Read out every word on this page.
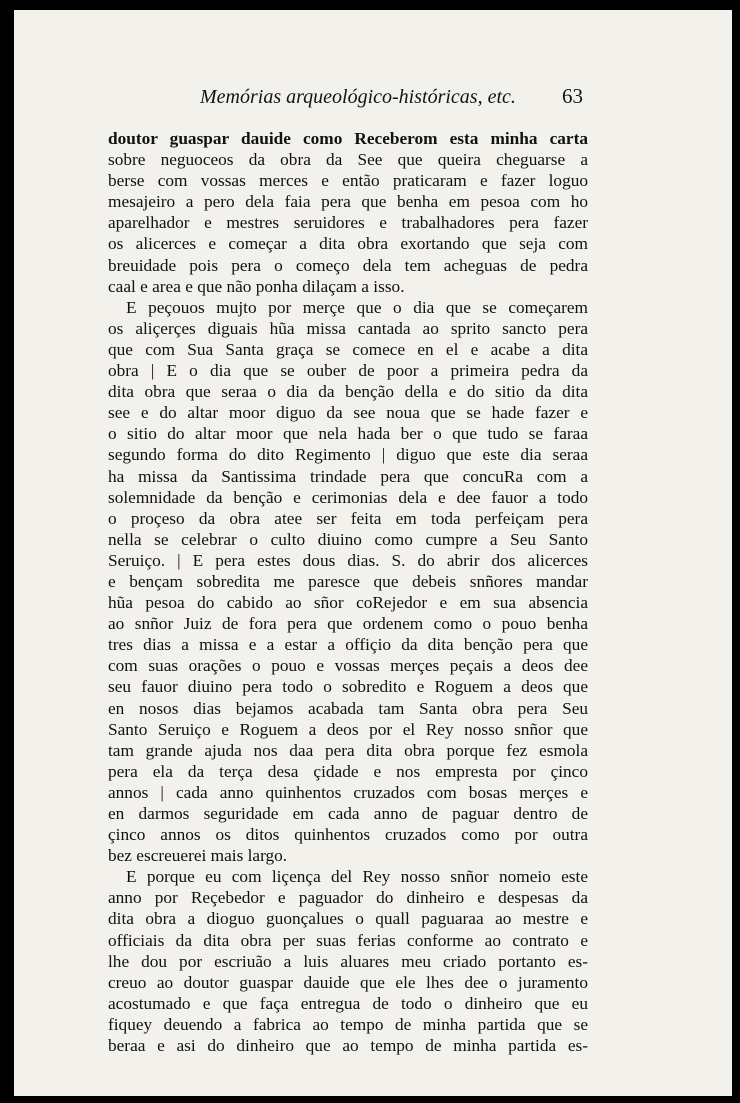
Memórias arqueológico-históricas, etc. 63
doutor guaspar dauide como Receberom esta minha carta
sobre neguoceos da obra da See que queira cheguarse a
berse com vossas merces e então praticaram e fazer loguo
mesajeiro a pero dela faia pera que benha em pesoa com ho
aparelhador e mestres seruidores e trabalhadores pera fazer
os alicerces e começar a dita obra exortando que seja com
breuidade pois pera o começo dela tem acheguas de pedra
caal e area e que não ponha dilaçam a isso.
E peçouos mujto por merçe que o dia que se começarem
os aliçerçes diguais hũa missa cantada ao sprito sancto pera
que com Sua Santa graça se comece en el e acabe a dita
obra | E o dia que se ouber de poor a primeira pedra da
dita obra que seraa o dia da benção della e do sitio da dita
see e do altar moor diguo da see noua que se hade fazer e
o sitio do altar moor que nela hada ber o que tudo se faraa
segundo forma do dito Regimento | diguo que este dia seraa
ha missa da Santissima trindade pera que concuRa com a
solemnidade da benção e cerimonias dela e dee fauor a todo
o proçeso da obra atee ser feita em toda perfeiçam pera
nella se celebrar o culto diuino como cumpre a Seu Santo
Seruiço. | E pera estes dous dias. S. do abrir dos alicerces
e bençam sobredita me paresce que debeis snñores mandar
hũa pesoa do cabido ao sñor coRejedor e em sua absencia
ao snñor Juiz de fora pera que ordenem como o pouo benha
tres dias a missa e a estar a offiçio da dita benção pera que
com suas orações o pouo e vossas merçes peçais a deos dee
seu fauor diuino pera todo o sobredito e Roguem a deos que
en nosos dias bejamos acabada tam Santa obra pera Seu
Santo Seruiço e Roguem a deos por el Rey nosso snñor que
tam grande ajuda nos daa pera dita obra porque fez esmola
pera ela da terça desa çidade e nos empresta por çinco
annos | cada anno quinhentos cruzados com bosas merçes e
en darmos seguridade em cada anno de paguar dentro de
çinco annos os ditos quinhentos cruzados como por outra
bez escreuerei mais largo.
E porque eu com liçença del Rey nosso snñor nomeio este
anno por Reçebedor e paguador do dinheiro e despesas da
dita obra a dioguo guonçalues o quall paguaraa ao mestre e
officiais da dita obra per suas ferias conforme ao contrato e
lhe dou por escriuão a luis aluares meu criado portanto es-
creuo ao doutor guaspar dauide que ele lhes dee o juramento
acostumado e que faça entregua de todo o dinheiro que eu
fiquey deuendo a fabrica ao tempo de minha partida que se
beraa e asi do dinheiro que ao tempo de minha partida es-
